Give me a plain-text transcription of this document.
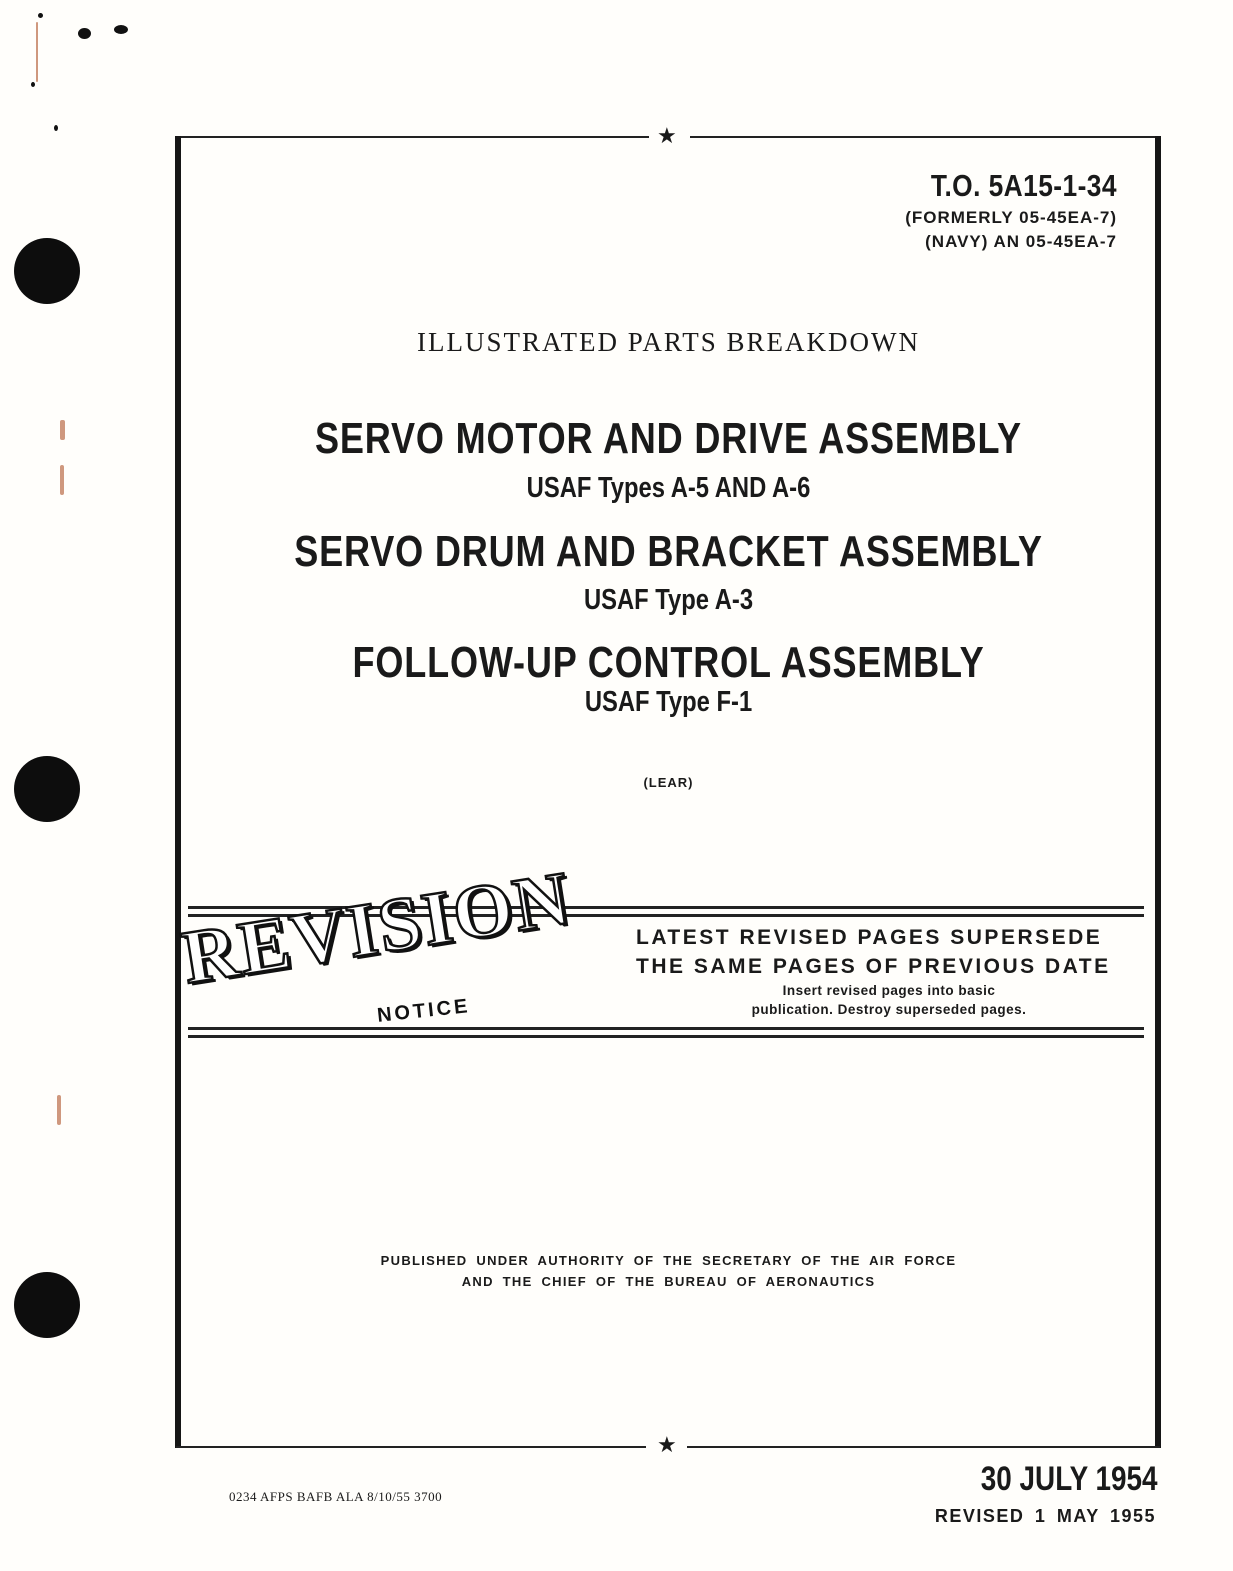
★
★
T.O. 5A15-1-34
(FORMERLY 05-45EA-7)
(NAVY) AN 05-45EA-7
ILLUSTRATED PARTS BREAKDOWN
SERVO MOTOR AND DRIVE ASSEMBLY
USAF Types A-5 AND A-6
SERVO DRUM AND BRACKET ASSEMBLY
USAF Type A-3
FOLLOW-UP CONTROL ASSEMBLY
USAF Type F-1
(LEAR)
REVISION
NOTICE
LATEST REVISED PAGES SUPERSEDE
THE SAME PAGES OF PREVIOUS DATE
Insert revised pages into basic
publication. Destroy superseded pages.
PUBLISHED UNDER AUTHORITY OF THE SECRETARY OF THE AIR FORCE
AND THE CHIEF OF THE BUREAU OF AERONAUTICS
0234 AFPS BAFB ALA 8/10/55 3700	30 JULY 1954
REVISED 1 MAY 1955
